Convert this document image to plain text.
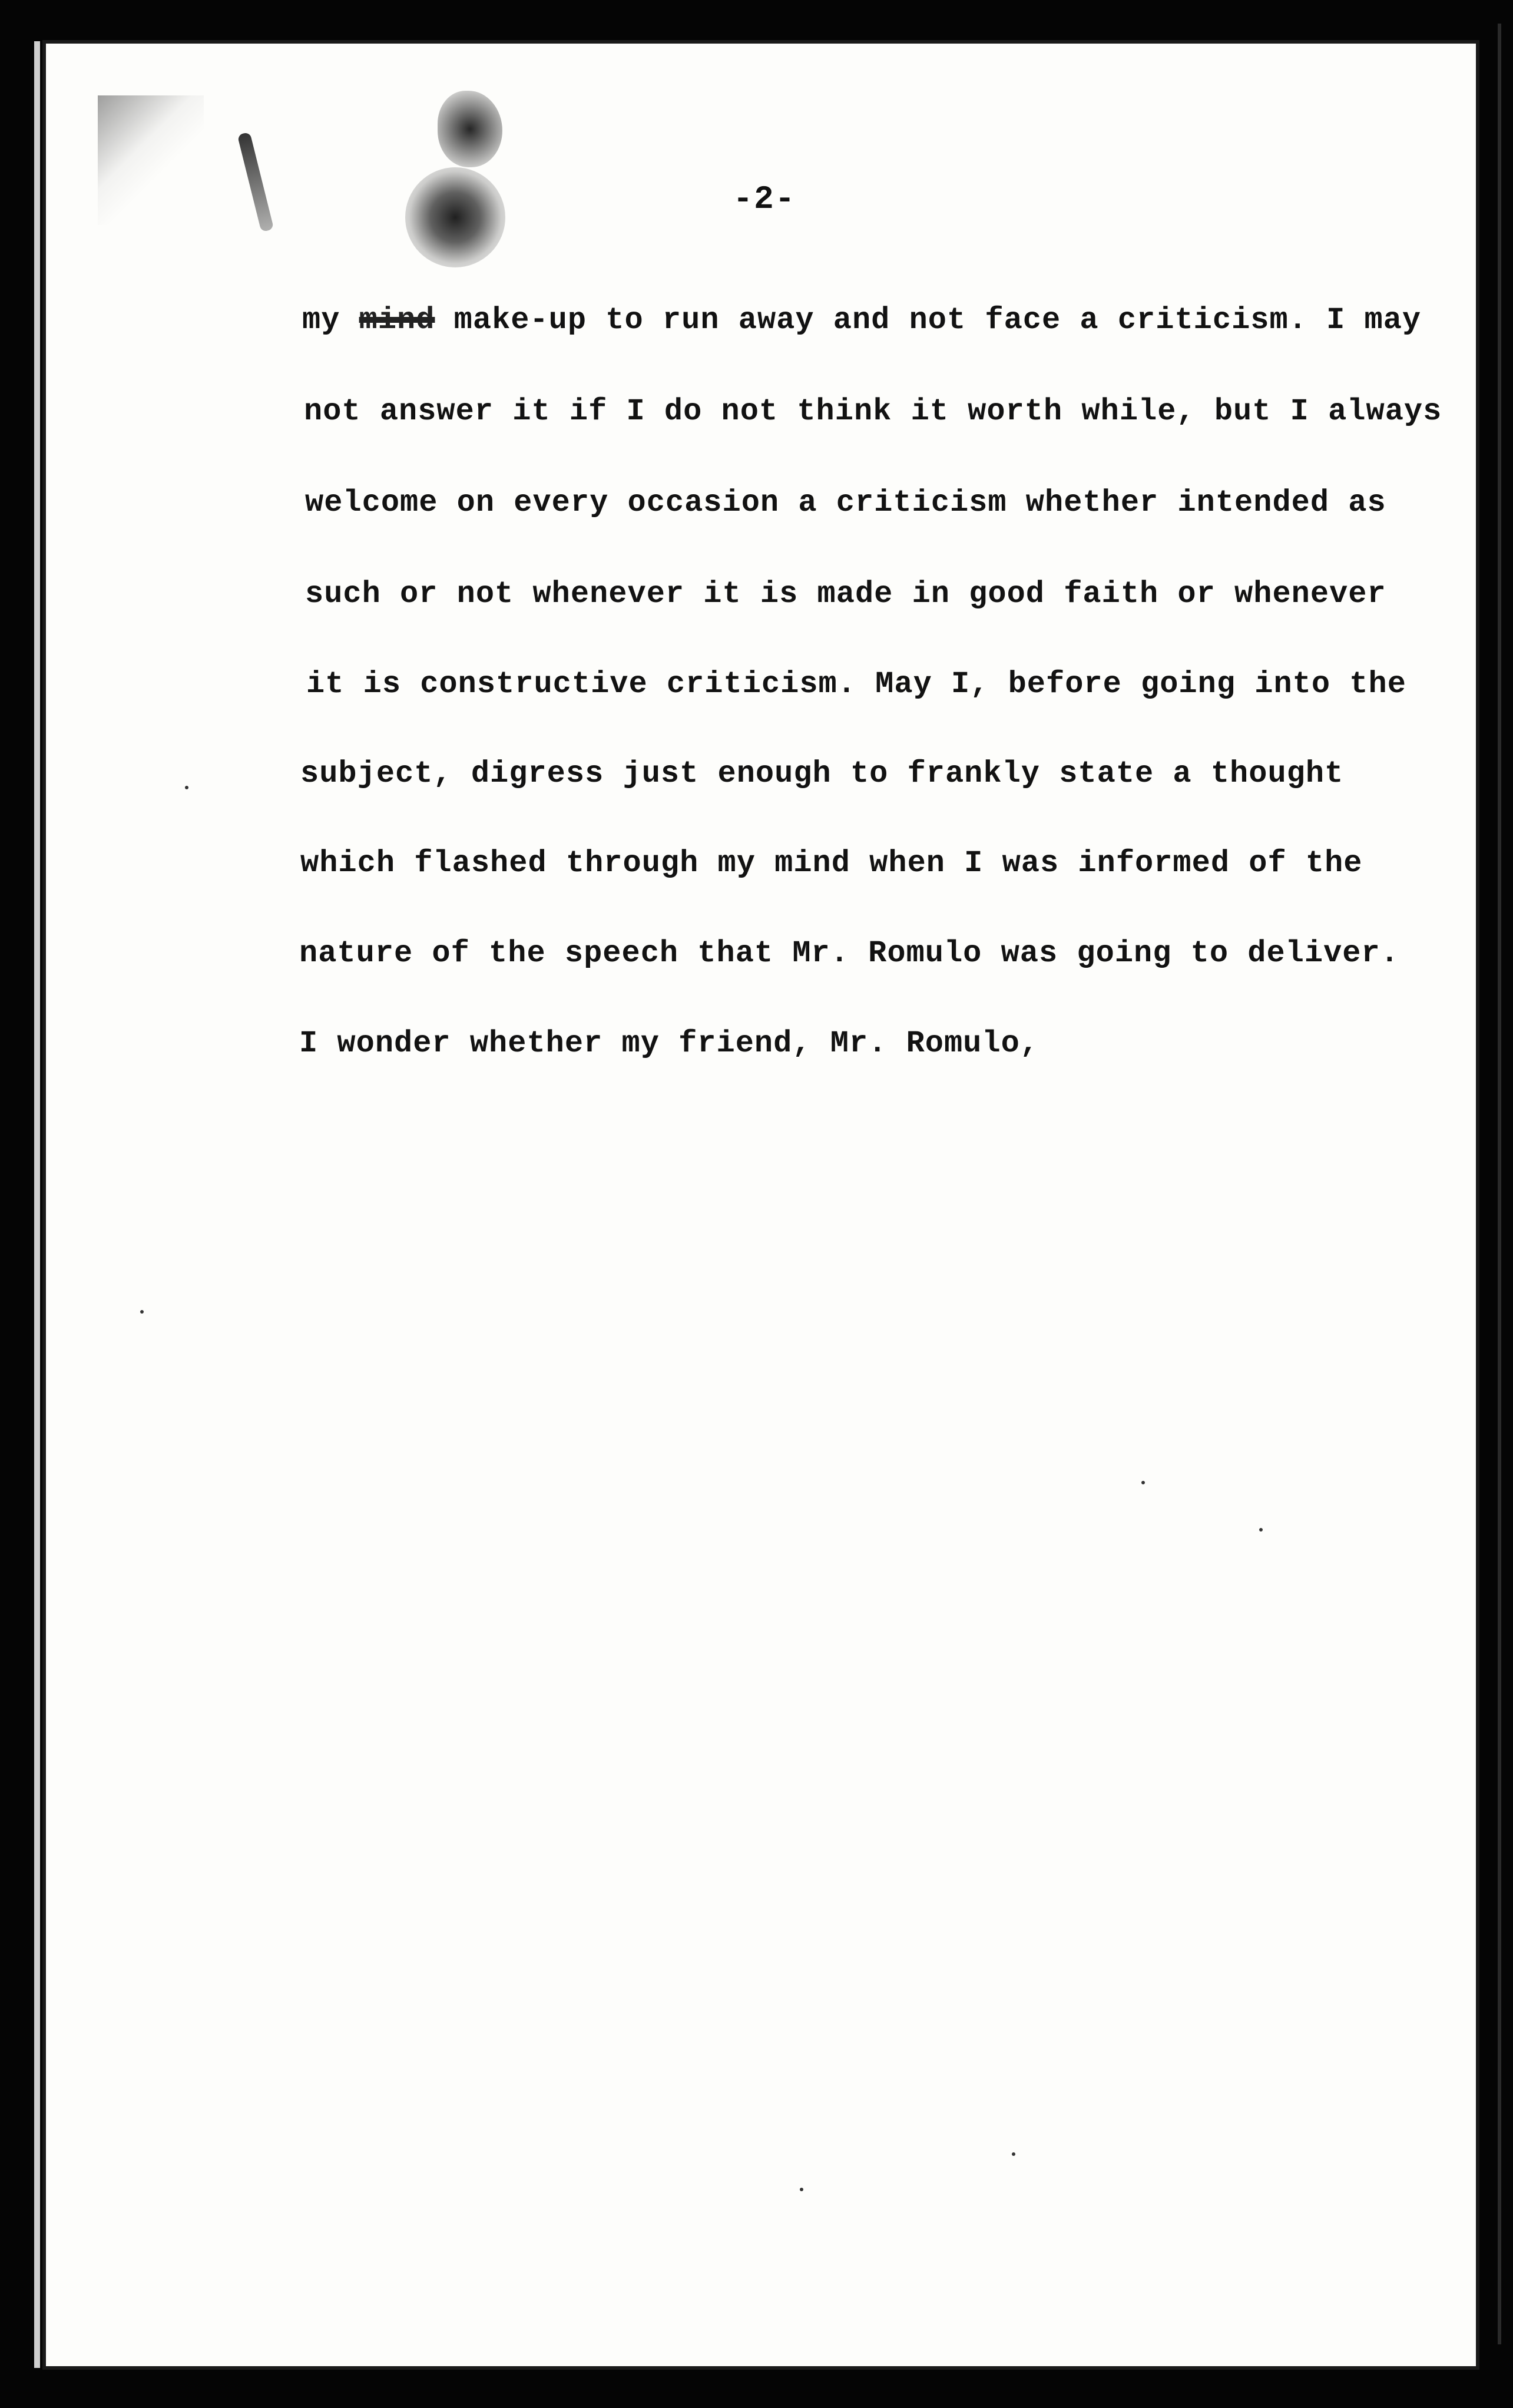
-2-
my mind make-up to run away and not face a criticism. I may
not answer it if I do not think it worth while, but I always
welcome on every occasion a criticism whether intended as
such or not whenever it is made in good faith or whenever
it is constructive criticism. May I, before going into the
subject, digress just enough to frankly state a thought
which flashed through my mind when I was informed of the
nature of the speech that Mr. Romulo was going to deliver.
I wonder whether my friend, Mr. Romulo,
